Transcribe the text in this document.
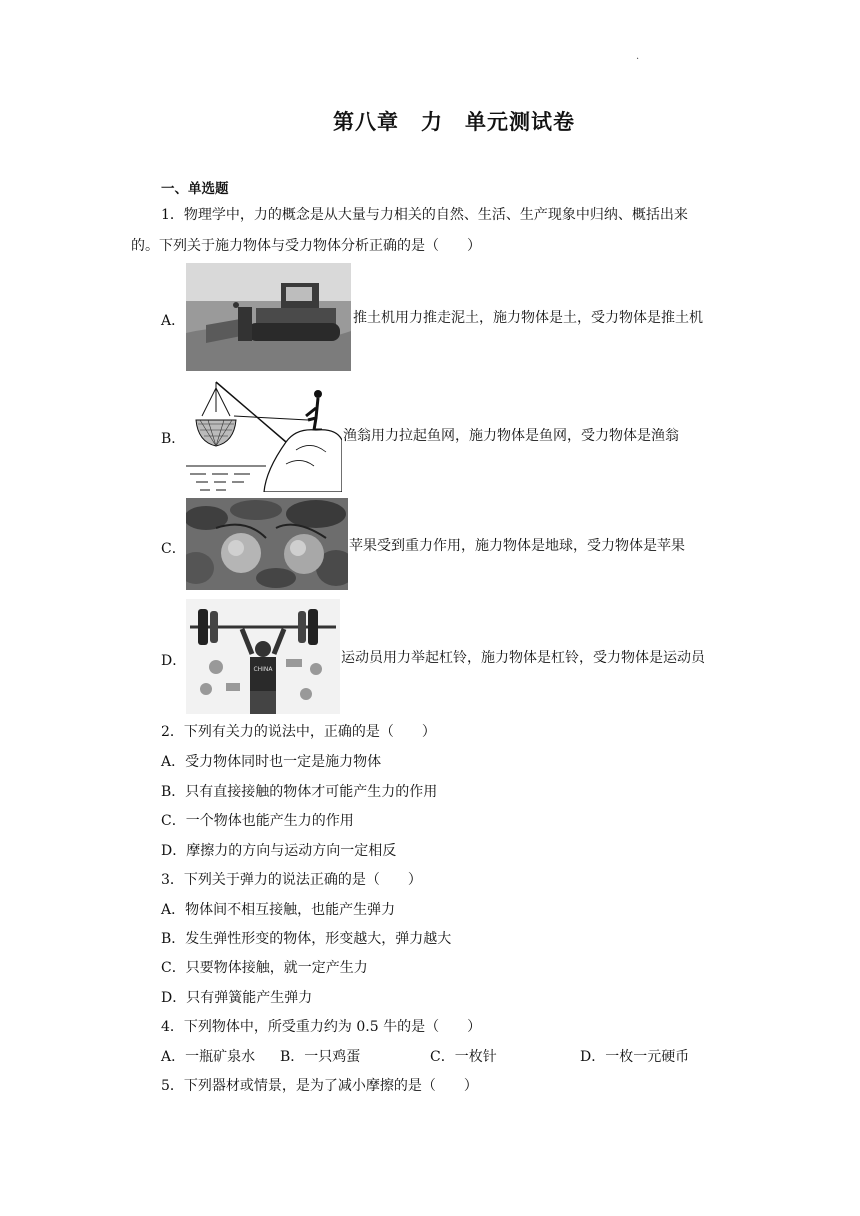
·
第八章　力　单元测试卷
一、单选题
1．物理学中，力的概念是从大量与力相关的自然、生活、生产现象中归纳、概括出来
的。下列关于施力物体与受力物体分析正确的是（　　）
A．	推土机用力推走泥土，施力物体是土，受力物体是推土机
B．	渔翁用力拉起鱼网，施力物体是鱼网，受力物体是渔翁
C．	苹果受到重力作用，施力物体是地球，受力物体是苹果
D．
CHINA
运动员用力举起杠铃，施力物体是杠铃，受力物体是运动员
2．下列有关力的说法中，正确的是（　　）
A．受力物体同时也一定是施力物体
B．只有直接接触的物体才可能产生力的作用
C．一个物体也能产生力的作用
D．摩擦力的方向与运动方向一定相反
3．下列关于弹力的说法正确的是（　　）
A．物体间不相互接触，也能产生弹力
B．发生弹性形变的物体，形变越大，弹力越大
C．只要物体接触，就一定产生力
D．只有弹簧能产生弹力
4．下列物体中，所受重力约为 0.5 牛的是（　　）
A．一瓶矿泉水 B．一只鸡蛋	C．一枚针	D．一枚一元硬币
5．下列器材或情景，是为了减小摩擦的是（　　）
